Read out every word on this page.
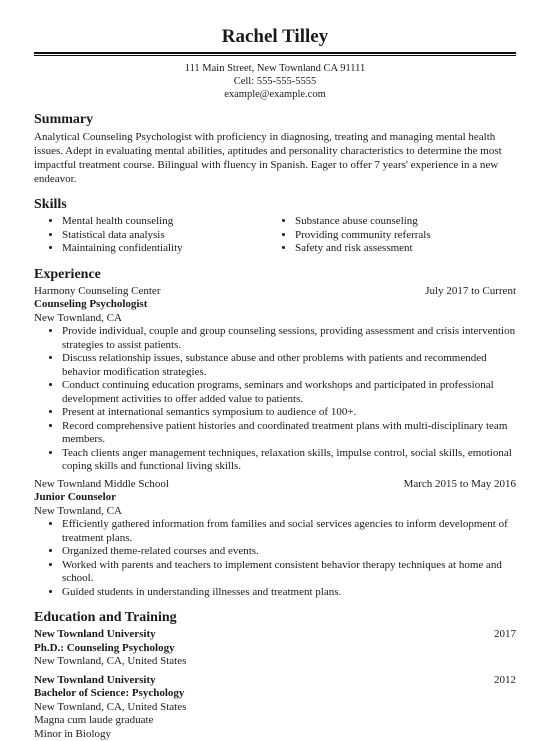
Rachel Tilley
111 Main Street, New Townland CA 91111
Cell: 555-555-5555
example@example.com
Summary
Analytical Counseling Psychologist with proficiency in diagnosing, treating and managing mental health issues. Adept in evaluating mental abilities, aptitudes and personality characteristics to determine the most impactful treatment course. Bilingual with fluency in Spanish. Eager to offer 7 years' experience in a new endeavor.
Skills
• Mental health counseling
• Statistical data analysis
• Maintaining confidentiality
• Substance abuse counseling
• Providing community referrals
• Safety and risk assessment
Experience
Harmony Counseling Center	July 2017 to Current
Counseling Psychologist
New Townland, CA
• Provide individual, couple and group counseling sessions, providing assessment and crisis intervention strategies to assist patients.
• Discuss relationship issues, substance abuse and other problems with patients and recommended behavior modification strategies.
• Conduct continuing education programs, seminars and workshops and participated in professional development activities to offer added value to patients.
• Present at international semantics symposium to audience of 100+.
• Record comprehensive patient histories and coordinated treatment plans with multi-disciplinary team members.
• Teach clients anger management techniques, relaxation skills, impulse control, social skills, emotional coping skills and functional living skills.
New Townland Middle School	March 2015 to May 2016
Junior Counselor
New Townland, CA
• Efficiently gathered information from families and social services agencies to inform development of treatment plans.
• Organized theme-related courses and events.
• Worked with parents and teachers to implement consistent behavior therapy techniques at home and school.
• Guided students in understanding illnesses and treatment plans.
Education and Training
New Townland University	2017
Ph.D.: Counseling Psychology
New Townland, CA, United States
New Townland University	2012
Bachelor of Science: Psychology
New Townland, CA, United States
Magna cum laude graduate
Minor in Biology
